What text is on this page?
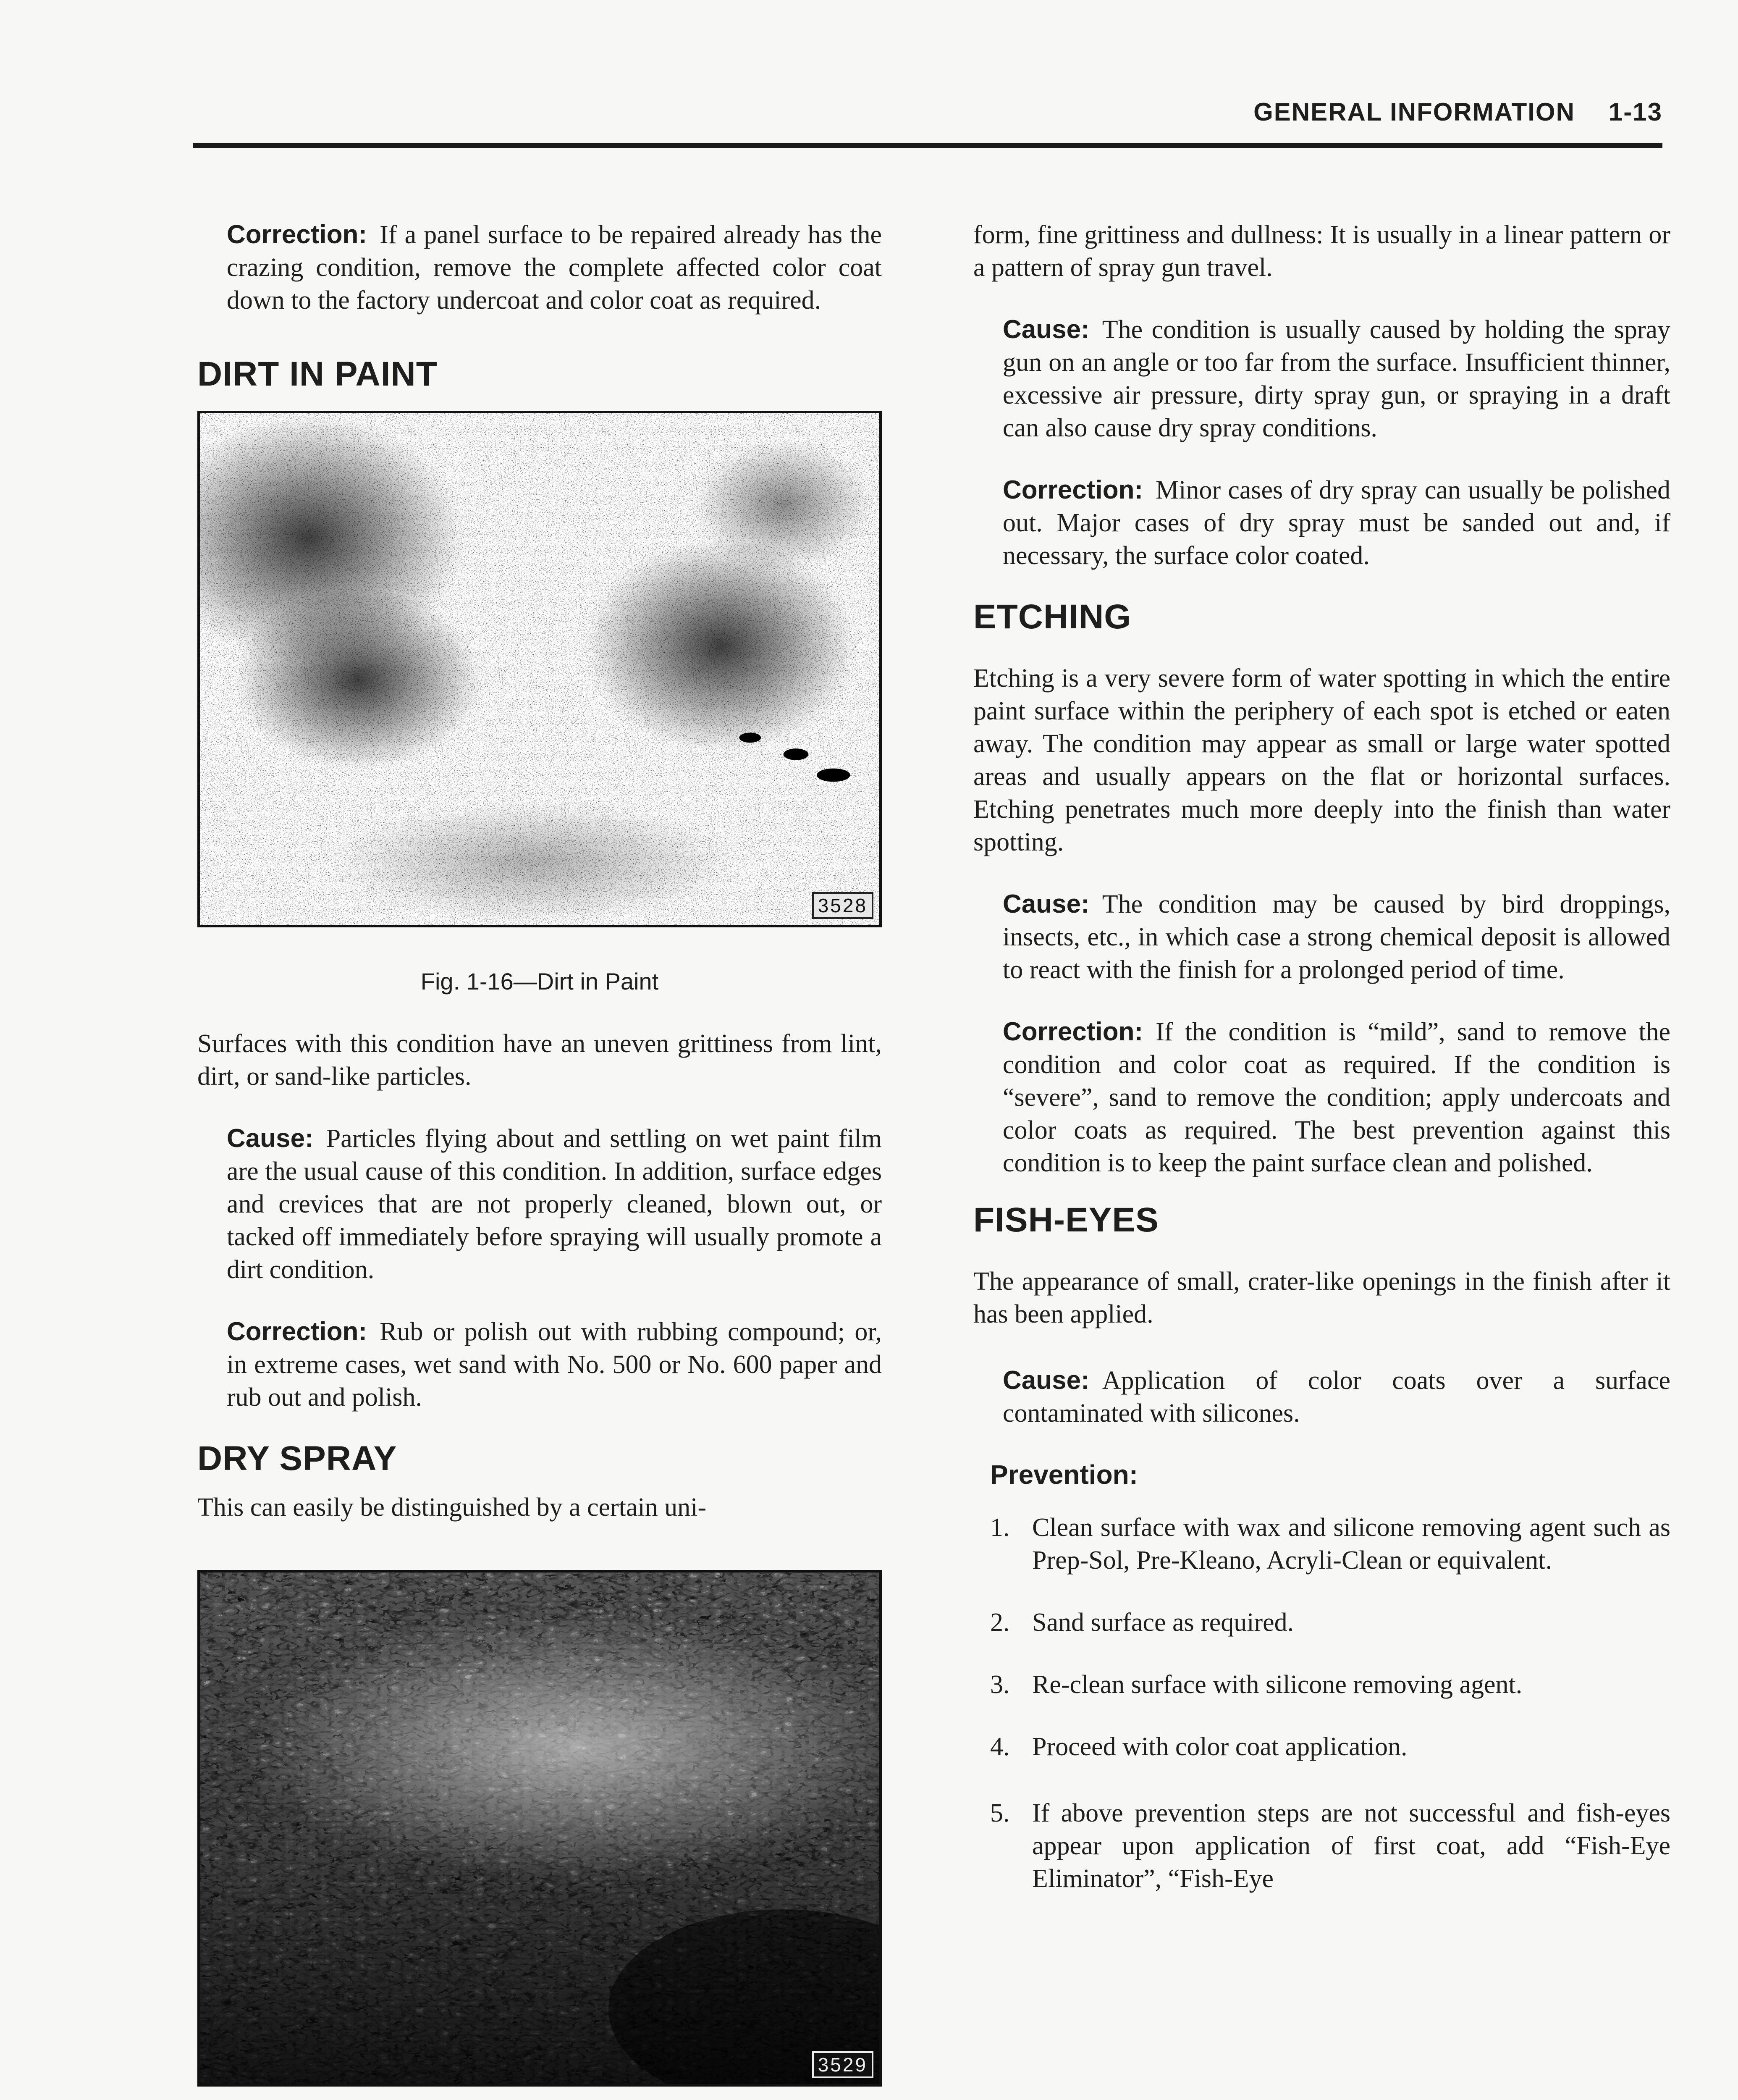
GENERAL INFORMATION 1-13

Correction: If a panel surface to be repaired already has the crazing condition, remove the complete affected color coat down to the factory undercoat and color coat as required.

DIRT IN PAINT
3528

Fig. 1-16—Dirt in Paint

Surfaces with this condition have an uneven grittiness from lint, dirt, or sand-like particles.

Cause: Particles flying about and settling on wet paint film are the usual cause of this condition. In addition, surface edges and crevices that are not properly cleaned, blown out, or tacked off immediately before spraying will usually promote a dirt condition.

Correction: Rub or polish out with rubbing compound; or, in extreme cases, wet sand with No. 500 or No. 600 paper and rub out and polish.

DRY SPRAY

This can easily be distinguished by a certain uni-

3529

form, fine grittiness and dullness: It is usually in a linear pattern or a pattern of spray gun travel.

Cause: The condition is usually caused by holding the spray gun on an angle or too far from the surface. Insufficient thinner, excessive air pressure, dirty spray gun, or spraying in a draft can also cause dry spray conditions.

Correction: Minor cases of dry spray can usually be polished out. Major cases of dry spray must be sanded out and, if necessary, the surface color coated.

ETCHING

Etching is a very severe form of water spotting in which the entire paint surface within the periphery of each spot is etched or eaten away. The condition may appear as small or large water spotted areas and usually appears on the flat or horizontal surfaces. Etching penetrates much more deeply into the finish than water spotting.

Cause: The condition may be caused by bird droppings, insects, etc., in which case a strong chemical deposit is allowed to react with the finish for a prolonged period of time.

Correction: If the condition is “mild”, sand to remove the condition and color coat as required. If the condition is “severe”, sand to remove the condition; apply undercoats and color coats as required. The best prevention against this condition is to keep the paint surface clean and polished.

FISH-EYES

The appearance of small, crater-like openings in the finish after it has been applied.

Cause: Application of color coats over a surface contaminated with silicones.

Prevention:
1. Clean surface with wax and silicone removing agent such as Prep-Sol, Pre-Kleano, Acryli-Clean or equivalent.
2. Sand surface as required.
3. Re-clean surface with silicone removing agent.
4. Proceed with color coat application.
5. If above prevention steps are not successful and fish-eyes appear upon application of first coat, add “Fish-Eye Eliminator”, “Fish-Eye
